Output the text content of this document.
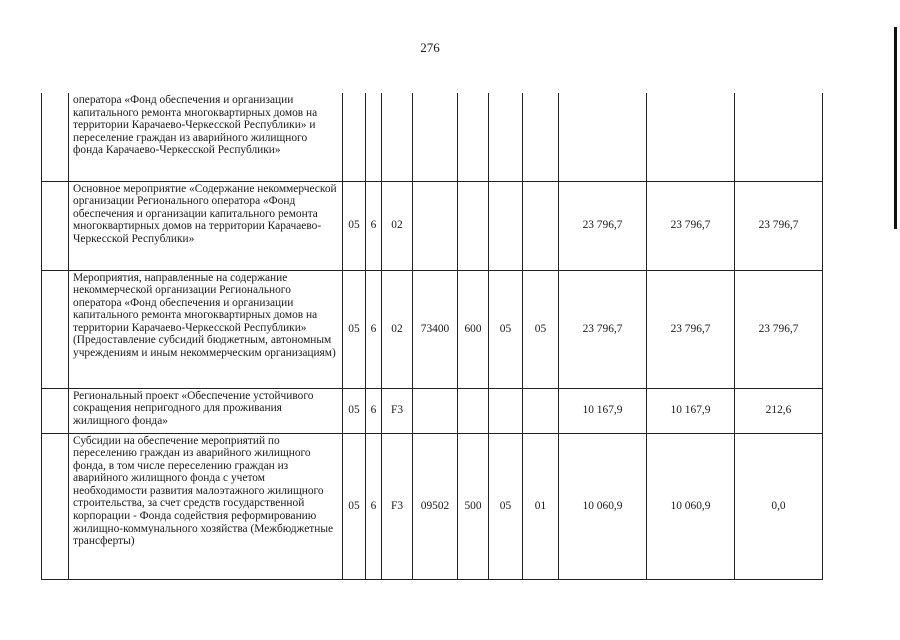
276
	оператора «Фонд обеспечения и организации капитального ремонта многоквартирных домов на территории Карачаево-Черкесской Республики» и переселение граждан из аварийного жилищного фонда Карачаево-Черкесской Республики»										
	Основное мероприятие «Содержание некоммерческой организации Регионального оператора «Фонд обеспечения и организации капитального ремонта многоквартирных домов на территории Карачаево-Черкесской Республики»	05	6	02					23 796,7	23 796,7	23 796,7
	Мероприятия, направленные на содержание некоммерческой организации Регионального оператора «Фонд обеспечения и организации капитального ремонта многоквартирных домов на территории Карачаево-Черкесской Республики» (Предоставление субсидий бюджетным, автономным учреждениям и иным некоммерческим организациям)	05	6	02	73400	600	05	05	23 796,7	23 796,7	23 796,7
	Региональный проект «Обеспечение устойчивого сокращения непригодного для проживания жилищного фонда»	05	6	F3					10 167,9	10 167,9	212,6
	Субсидии на обеспечение мероприятий по переселению граждан из аварийного жилищного фонда, в том числе переселению граждан из аварийного жилищного фонда с учетом необходимости развития малоэтажного жилищного строительства, за счет средств государственной корпорации - Фонда содействия реформированию жилищно-коммунального хозяйства (Межбюджетные трансферты)	05	6	F3	09502	500	05	01	10 060,9	10 060,9	0,0
